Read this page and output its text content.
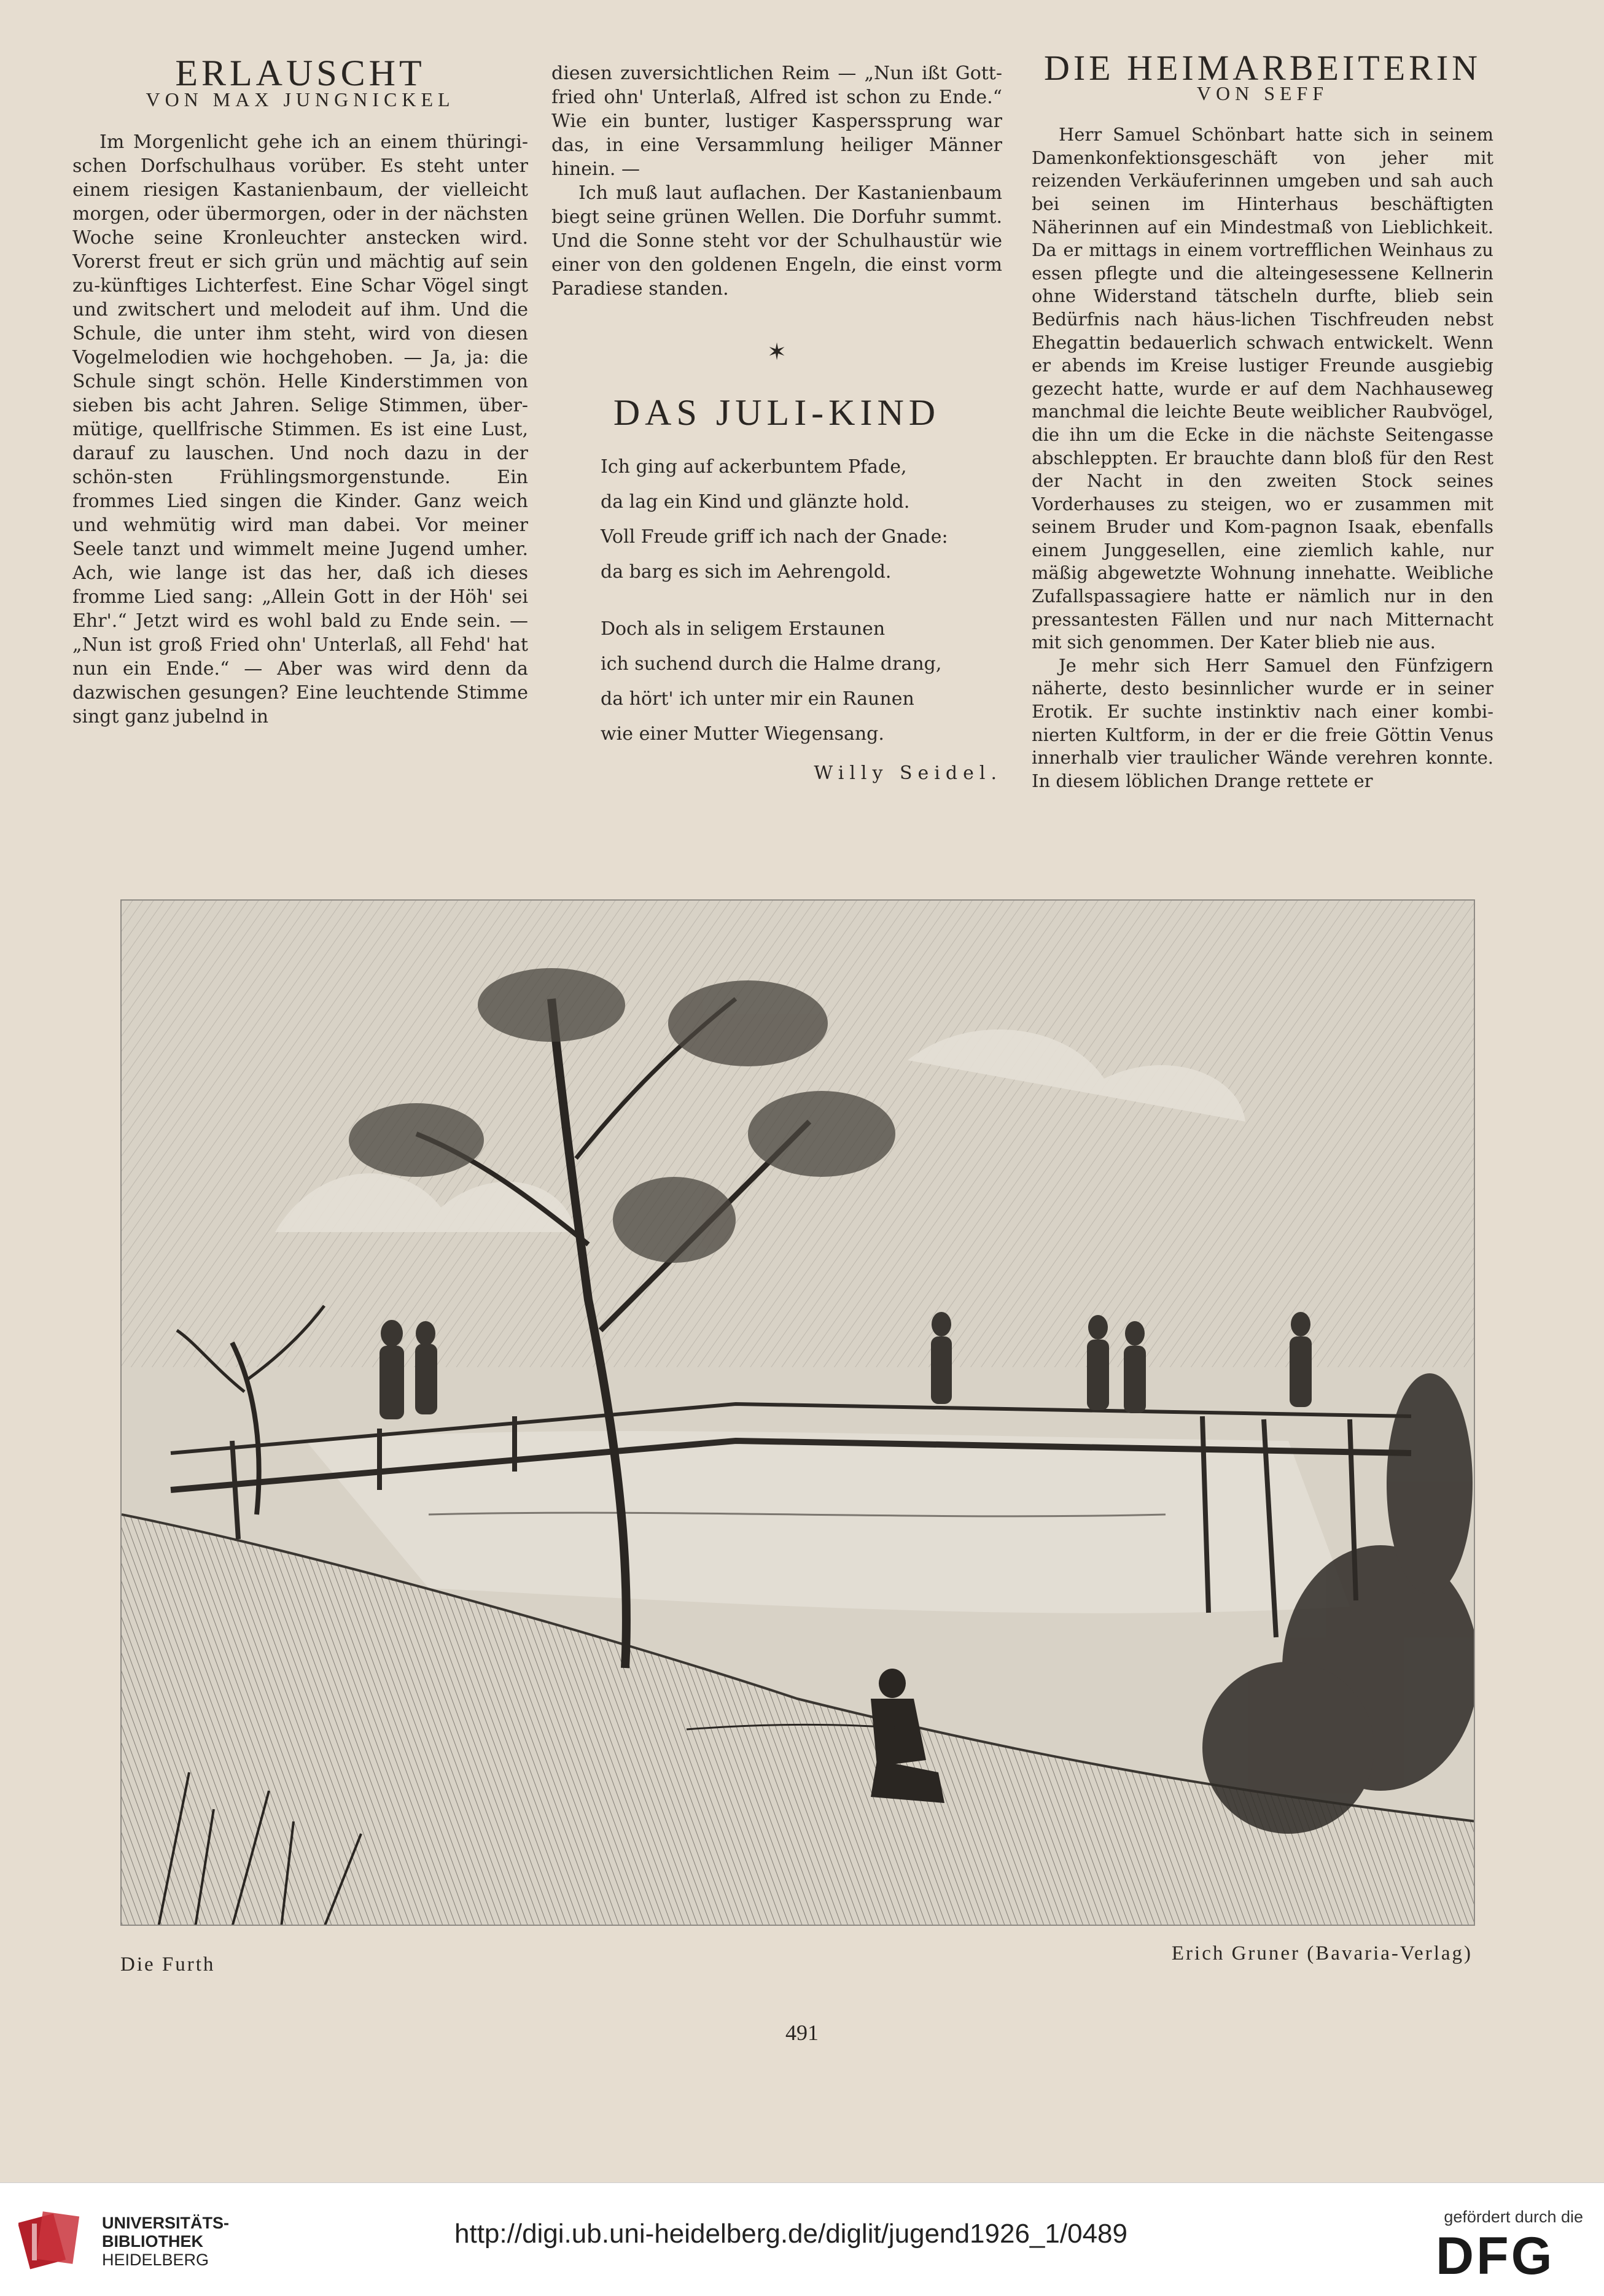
ERLAUSCHT
VON MAX JUNGNICKEL

Im Morgenlicht gehe ich an einem thüringi-schen Dorfschulhaus vorüber. Es steht unter einem riesigen Kastanienbaum, der vielleicht morgen, oder übermorgen, oder in der nächsten Woche seine Kronleuchter anstecken wird. Vorerst freut er sich grün und mächtig auf sein zu-künftiges Lichterfest. Eine Schar Vögel singt und zwitschert und melodeit auf ihm. Und die Schule, die unter ihm steht, wird von diesen Vogelmelodien wie hochgehoben. — Ja, ja: die Schule singt schön. Helle Kinderstimmen von sieben bis acht Jahren. Selige Stimmen, über-mütige, quellfrische Stimmen. Es ist eine Lust, darauf zu lauschen. Und noch dazu in der schön-sten Frühlingsmorgenstunde. Ein frommes Lied singen die Kinder. Ganz weich und wehmütig wird man dabei. Vor meiner Seele tanzt und wimmelt meine Jugend umher. Ach, wie lange ist das her, daß ich dieses fromme Lied sang: „Allein Gott in der Höh' sei Ehr'.“ Jetzt wird es wohl bald zu Ende sein. — „Nun ist groß Fried ohn' Unterlaß, all Fehd' hat nun ein Ende.“ — Aber was wird denn da dazwischen gesungen? Eine leuchtende Stimme singt ganz jubelnd in

diesen zuversichtlichen Reim — „Nun ißt Gott-fried ohn' Unterlaß, Alfred ist schon zu Ende.“ Wie ein bunter, lustiger Kasperssprung war das, in eine Versammlung heiliger Männer hinein. —

Ich muß laut auflachen. Der Kastanienbaum biegt seine grünen Wellen. Die Dorfuhr summt. Und die Sonne steht vor der Schulhaustür wie einer von den goldenen Engeln, die einst vorm Paradiese standen.

✶
DAS JULI-KIND
Ich ging auf ackerbuntem Pfade,
da lag ein Kind und glänzte hold.
Voll Freude griff ich nach der Gnade:
da barg es sich im Aehrengold.
Doch als in seligem Erstaunen
ich suchend durch die Halme drang,
da hört' ich unter mir ein Raunen
wie einer Mutter Wiegensang.
Willy Seidel.
DIE HEIMARBEITERIN
VON SEFF

Herr Samuel Schönbart hatte sich in seinem Damenkonfektionsgeschäft von jeher mit reizenden Verkäuferinnen umgeben und sah auch bei seinen im Hinterhaus beschäftigten Näherinnen auf ein Mindestmaß von Lieblichkeit. Da er mittags in einem vortrefflichen Weinhaus zu essen pflegte und die alteingesessene Kellnerin ohne Widerstand tätscheln durfte, blieb sein Bedürfnis nach häus-lichen Tischfreuden nebst Ehegattin bedauerlich schwach entwickelt. Wenn er abends im Kreise lustiger Freunde ausgiebig gezecht hatte, wurde er auf dem Nachhauseweg manchmal die leichte Beute weiblicher Raubvögel, die ihn um die Ecke in die nächste Seitengasse abschleppten. Er brauchte dann bloß für den Rest der Nacht in den zweiten Stock seines Vorderhauses zu steigen, wo er zusammen mit seinem Bruder und Kom-pagnon Isaak, ebenfalls einem Junggesellen, eine ziemlich kahle, nur mäßig abgewetzte Wohnung innehatte. Weibliche Zufallspassagiere hatte er nämlich nur in den pressantesten Fällen und nur nach Mitternacht mit sich genommen. Der Kater blieb nie aus.

Je mehr sich Herr Samuel den Fünfzigern näherte, desto besinnlicher wurde er in seiner Erotik. Er suchte instinktiv nach einer kombi-nierten Kultform, in der er die freie Göttin Venus innerhalb vier traulicher Wände verehren konnte. In diesem löblichen Drange rettete er

Die Furth	Erich Gruner (Bavaria-Verlag)
491
UNIVERSITÄTS-
BIBLIOTHEK
HEIDELBERG
http://digi.ub.uni-heidelberg.de/diglit/jugend1926_1/0489
gefördert durch die
DFG
